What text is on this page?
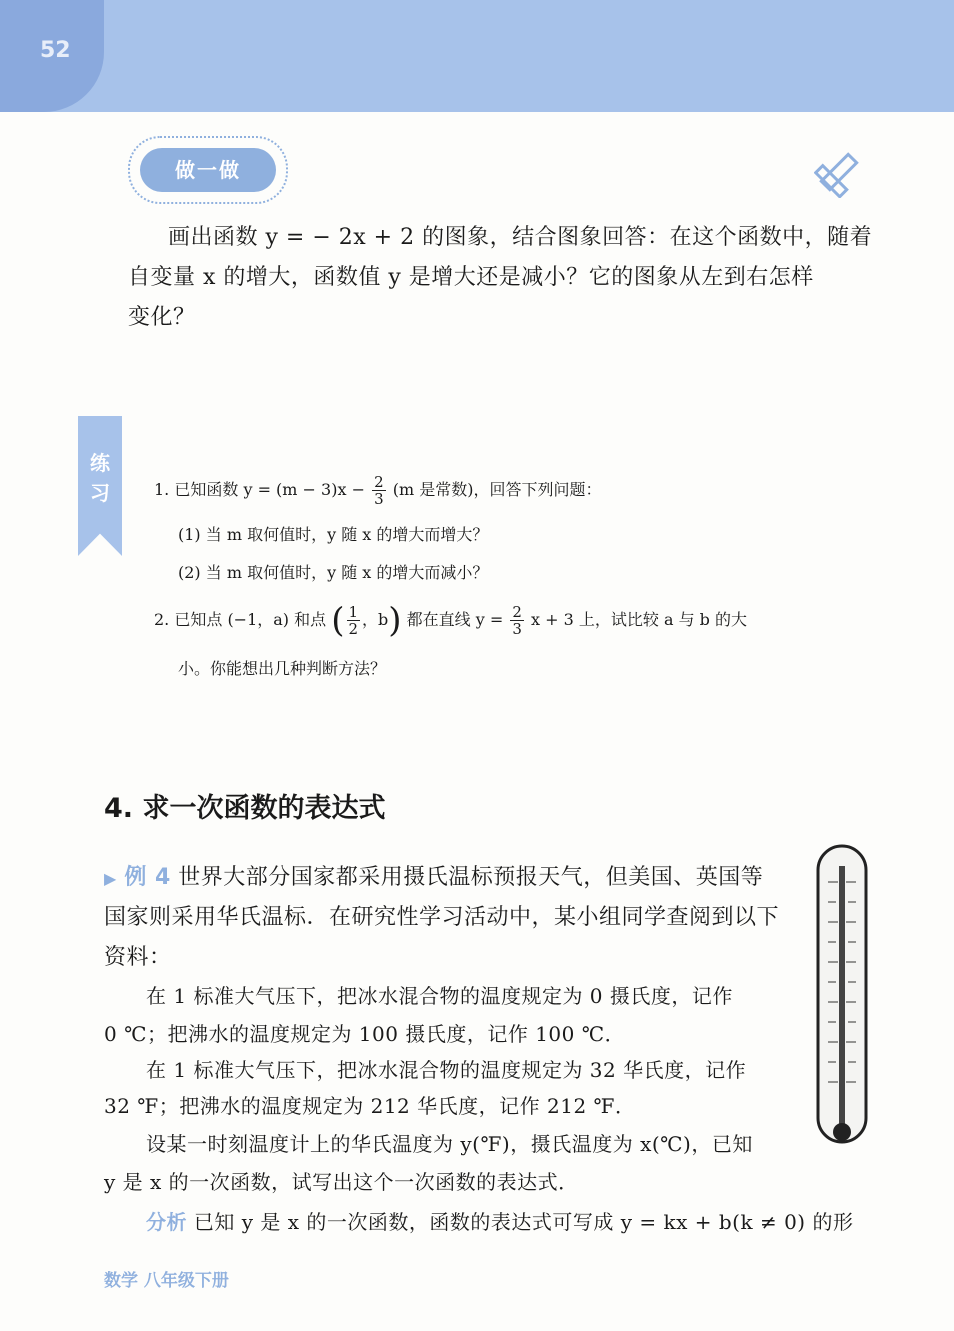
52
做一做
画出函数 y = − 2x + 2 的图象，结合图象回答：在这个函数中，随着
自变量 x 的增大，函数值 y 是增大还是减小？它的图象从左到右怎样
变化？
练习	1. 已知函数 $y = (m - 3)x - \frac{2}{3} (m$ 是常数)，回答下列问题：
(1) 当 m 取何值时，y 随 x 的增大而增大？
(2) 当 m 取何值时，y 随 x 的增大而减小？
2. 已知点 (−1，a) 和点 ( $\frac{1}{2}$ ，b) 都在直线 $y = \frac{2}{3}$ x + 3 上，试比较 a 与 b 的大
小。你能想出几种判断方法？
4. 求一次函数的表达式
▶ 例 4 世界大部分国家都采用摄氏温标预报天气，但美国、英国等
国家则采用华氏温标．在研究性学习活动中，某小组同学查阅到以下
资料：
在 1 标准大气压下，把冰水混合物的温度规定为 0 摄氏度，记作
0 ℃；把沸水的温度规定为 100 摄氏度，记作 100 ℃．
在 1 标准大气压下，把冰水混合物的温度规定为 32 华氏度，记作
32 ℉；把沸水的温度规定为 212 华氏度，记作 212 ℉．
设某一时刻温度计上的华氏温度为 y(℉)，摄氏温度为 x(℃)，已知
y 是 x 的一次函数，试写出这个一次函数的表达式．
分析 已知 y 是 x 的一次函数，函数的表达式可写成 y = kx + b(k ≠ 0) 的形
数学 八年级下册
